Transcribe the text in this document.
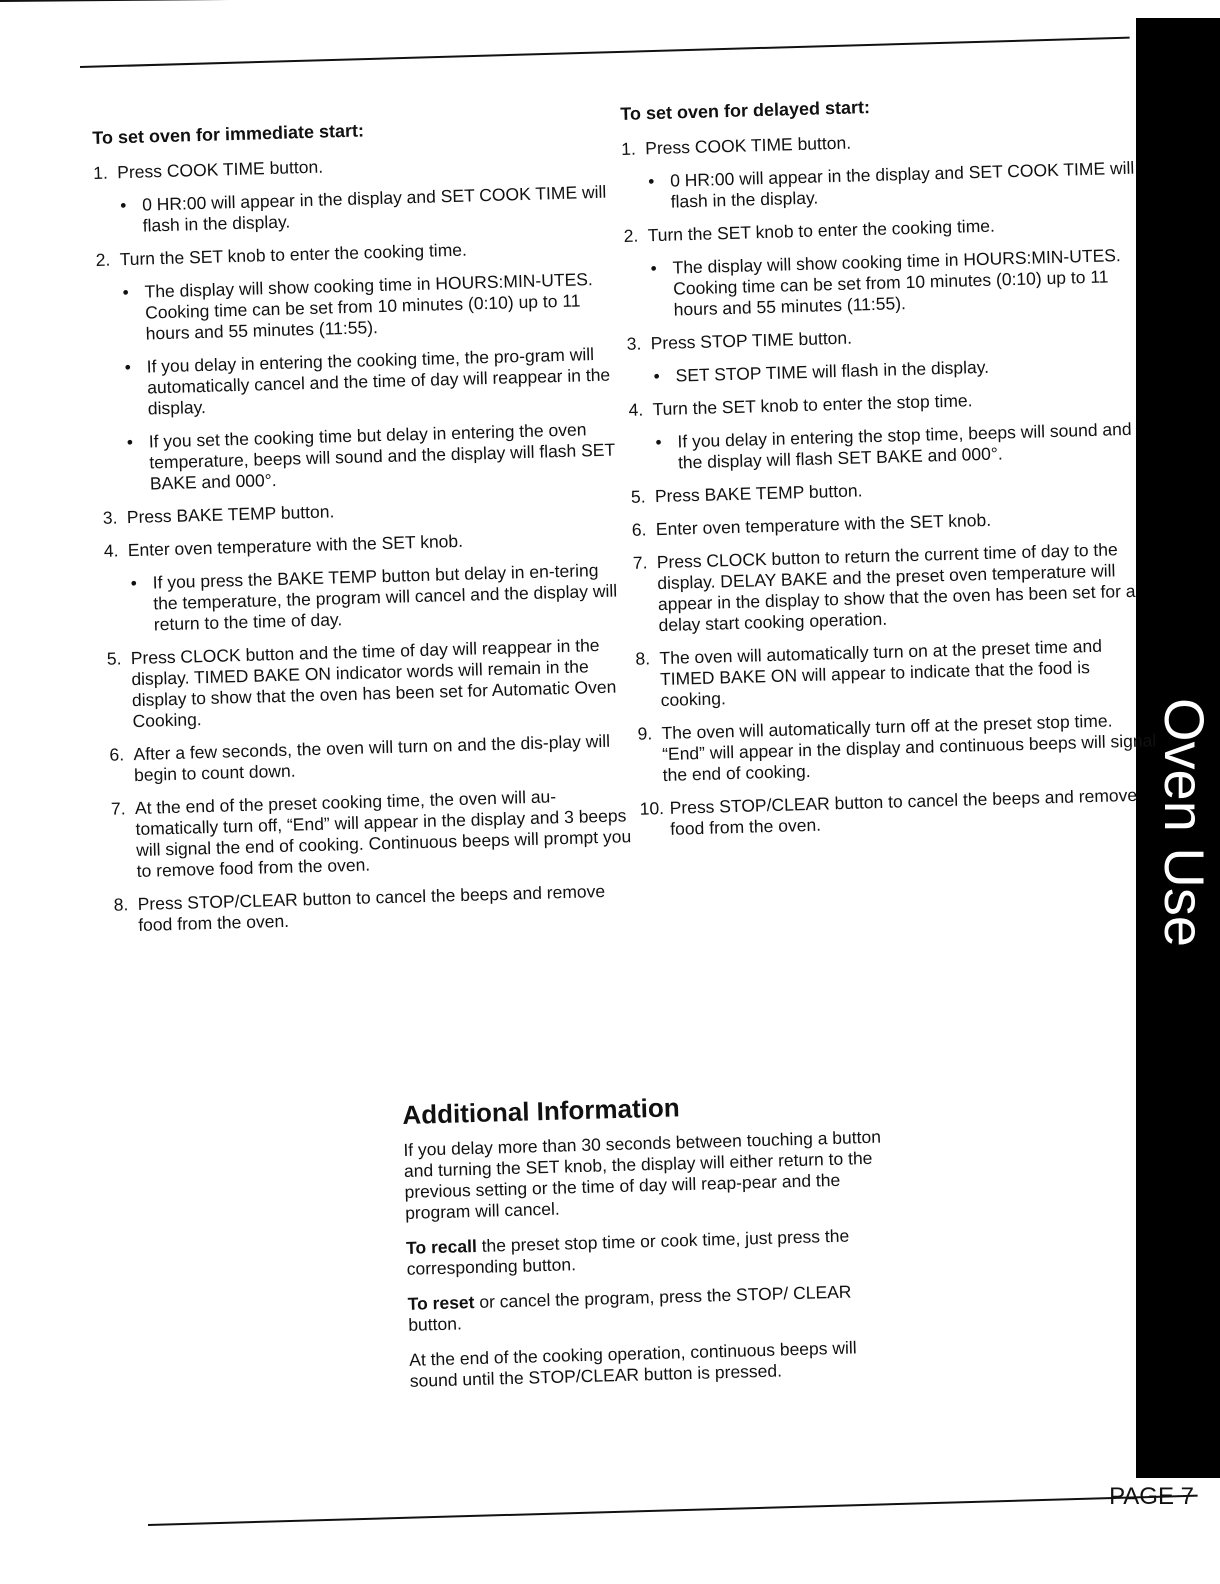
Oven Use
To set oven for immediate start:
1. Press COOK TIME button.
• 0 HR:00 will appear in the display and SET COOK TIME will flash in the display.
2. Turn the SET knob to enter the cooking time.
• The display will show cooking time in HOURS:MIN-UTES. Cooking time can be set from 10 minutes (0:10) up to 11 hours and 55 minutes (11:55).
• If you delay in entering the cooking time, the pro-gram will automatically cancel and the time of day will reappear in the display.
• If you set the cooking time but delay in entering the oven temperature, beeps will sound and the display will flash SET BAKE and 000°.
3. Press BAKE TEMP button.
4. Enter oven temperature with the SET knob.
• If you press the BAKE TEMP button but delay in en-tering the temperature, the program will cancel and the display will return to the time of day.
5. Press CLOCK button and the time of day will reappear in the display. TIMED BAKE ON indicator words will remain in the display to show that the oven has been set for Automatic Oven Cooking.
6. After a few seconds, the oven will turn on and the dis-play will begin to count down.
7. At the end of the preset cooking time, the oven will au-tomatically turn off, “End” will appear in the display and 3 beeps will signal the end of cooking. Continuous beeps will prompt you to remove food from the oven.
8. Press STOP/CLEAR button to cancel the beeps and remove food from the oven.
To set oven for delayed start:
1. Press COOK TIME button.
• 0 HR:00 will appear in the display and SET COOK TIME will flash in the display.
2. Turn the SET knob to enter the cooking time.
• The display will show cooking time in HOURS:MIN-UTES. Cooking time can be set from 10 minutes (0:10) up to 11 hours and 55 minutes (11:55).
3. Press STOP TIME button.
• SET STOP TIME will flash in the display.
4. Turn the SET knob to enter the stop time.
• If you delay in entering the stop time, beeps will sound and the display will flash SET BAKE and 000°.
5. Press BAKE TEMP button.
6. Enter oven temperature with the SET knob.
7. Press CLOCK button to return the current time of day to the display. DELAY BAKE and the preset oven temperature will appear in the display to show that the oven has been set for a delay start cooking operation.
8. The oven will automatically turn on at the preset time and TIMED BAKE ON will appear to indicate that the food is cooking.
9. The oven will automatically turn off at the preset stop time. “End” will appear in the display and continuous beeps will signal the end of cooking.
10. Press STOP/CLEAR button to cancel the beeps and remove food from the oven.
Additional Information

If you delay more than 30 seconds between touching a button and turning the SET knob, the display will either return to the previous setting or the time of day will reap-pear and the program will cancel.

To recall the preset stop time or cook time, just press the corresponding button.

To reset or cancel the program, press the STOP/ CLEAR button.

At the end of the cooking operation, continuous beeps will sound until the STOP/CLEAR button is pressed.

PAGE 7
